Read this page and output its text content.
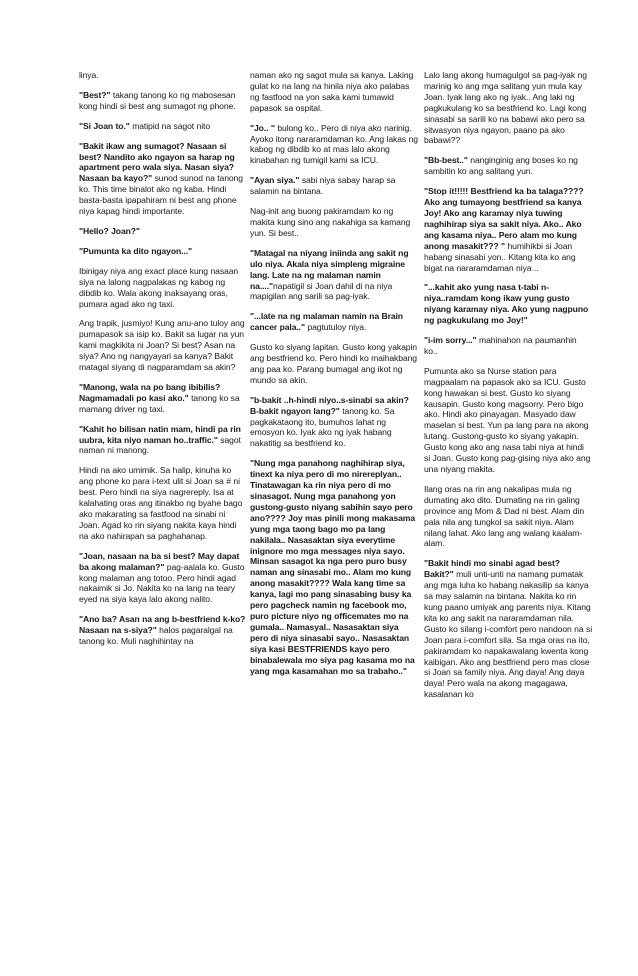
linya.

"Best?" takang tanong ko ng mabosesan kong hindi si best ang sumagot ng phone.

"Si Joan to." matipid na sagot nito

"Bakit ikaw ang sumagot? Nasaan si best? Nandito ako ngayon sa harap ng apartment pero wala siya. Nasan siya? Nasaan ba kayo?" sunod sunod na tanong ko. This time binalot ako ng kaba. Hindi basta-basta ipapahiram ni best ang phone niya kapag hindi importante.

"Hello? Joan?"

"Pumunta ka dito ngayon..."

Ibinigay niya ang exact place kung nasaan siya na lalong nagpalakas ng kabog ng dibdib ko. Wala akong inaksayang oras, pumara agad ako ng taxi.

Ang trapik, jusmiyo! Kung anu-ano tuloy ang pumapasok sa isip ko. Bakit sa lugar na yun kami magkikita ni Joan? Si best? Asan na siya? Ano ng nangyayari sa kanya? Bakit matagal siyang di nagparamdam sa akin?

"Manong, wala na po bang ibibilis? Nagmamadali po kasi ako." tanong ko sa mamang driver ng taxi.

"Kahit ho bilisan natin mam, hindi pa rin uubra, kita niyo naman ho..traffic." sagot naman ni manong.

Hindi na ako umimik. Sa halip, kinuha ko ang phone ko para i-text ulit si Joan sa # ni best. Pero hindi na siya nagrereply. Isa at kalahating oras ang itinakbo ng byahe bago ako makarating sa fastfood na sinabi ni Joan. Agad ko rin siyang nakita kaya hindi na ako nahirapan sa paghahanap.

"Joan, nasaan na ba si best? May dapat ba akong malaman?" pag-aalala ko. Gusto kong malaman ang totoo. Pero hindi agad nakaimik si Jo. Nakita ko na lang na teary eyed na siya kaya lalo akong nalito.

"Ano ba? Asan na ang b-bestfriend k-ko? Nasaan na s-siya?" halos pagaralgal na tanong ko. Muli naghihintay na

naman ako ng sagot mula sa kanya. Laking gulat ko na lang na hinila niya ako palabas ng fastfood na yon saka kami tumawid papasok sa ospital.

"Jo.. " bulong ko.. Pero di niya ako narinig. Ayoko itong nararamdaman ko. Ang lakas ng kabog ng dibdib ko at mas lalo akong kinabahan ng tumigil kami sa ICU.

"Ayan siya." sabi niya sabay harap sa salamin na bintana.

Nag-init ang buong pakiramdam ko ng makita kung sino ang nakahiga sa kamang yun. Si best..

"Matagal na niyang iniinda ang sakit ng ulo niya. Akala niya simpleng migraine lang. Late na ng malaman namin na...."napatigil si Joan dahil di na niya mapigilan ang sarili sa pag-iyak.

"...late na ng malaman namin na Brain cancer pala.." pagtutuloy niya.

Gusto ko siyang lapitan. Gusto kong yakapin ang bestfriend ko. Pero hindi ko maihakbang ang paa ko. Parang bumagal ang ikot ng mundo sa akin.

"b-bakit ..h-hindi niyo..s-sinabi sa akin? B-bakit ngayon lang?" tanong ko. Sa pagkakataong ito, bumuhos lahat ng emosyon ko. Iyak ako ng iyak habang nakatitig sa bestfriend ko.

"Nung mga panahong naghihirap siya, tinext ka niya pero di mo nirereplyan.. Tinatawagan ka rin niya pero di mo sinasagot. Nung mga panahong yon gustong-gusto niyang sabihin sayo pero ano???? Joy mas pinili mong makasama yung mga taong bago mo pa lang nakilala.. Nasasaktan siya everytime inignore mo mga messages niya sayo. Minsan sasagot ka nga pero puro busy naman ang sinasabi mo.. Alam mo kung anong masakit???? Wala kang time sa kanya, lagi mo pang sinasabing busy ka pero pagcheck namin ng facebook mo, puro picture niyo ng officemates mo na gumala.. Namasyal.. Nasasaktan siya pero di niya sinasabi sayo.. Nasasaktan siya kasi BESTFRIENDS kayo pero binabalewala mo siya pag kasama mo na yang mga kasamahan mo sa trabaho.."

Lalo lang akong humagulgol sa pag-iyak ng marinig ko ang mga salitang yun mula kay Joan. Iyak lang ako ng iyak.. Ang laki ng pagkukulang ko sa bestfriend ko. Lagi kong sinasabi sa sarili ko na babawi ako pero sa sitwasyon niya ngayon, paano pa ako babawi??

"Bb-best.." nanginginig ang boses ko ng sambitin ko ang salitang yun.

"Stop it!!!!! Bestfriend ka ba talaga???? Ako ang tumayong bestfriend sa kanya Joy! Ako ang karamay niya tuwing naghihirap siya sa sakit niya. Ako.. Ako ang kasama niya.. Pero alam mo kung anong masakit??? " humihikbi si Joan habang sinasabi yon.. Kitang kita ko ang bigat na nararamdaman niya ..

"...kahit ako yung nasa t-tabi n-niya..ramdam kong ikaw yung gusto niyang karamay niya. Ako yung nagpuno ng pagkukulang mo Joy!"

"i-im sorry..." mahinahon na paumanhin ko..

Pumunta ako sa Nurse station para magpaalam na papasok ako sa ICU. Gusto kong hawakan si best. Gusto ko siyang kausapin. Gusto kong magsorry. Pero bigo ako. Hindi ako pinayagan. Masyado daw maselan si best. Yun pa lang para na akong lutang. Gustong-gusto ko siyang yakapin. Gusto kong ako ang nasa tabi niya at hindi si Joan. Gusto kong pag-gising niya ako ang una niyang makita.

Ilang oras na rin ang nakalipas mula ng dumating ako dito. Dumating na rin galing province ang Mom & Dad ni best. Alam din pala nila ang tungkol sa sakit niya. Alam nilang lahat. Ako lang ang walang kaalam-alam.

"Bakit hindi mo sinabi agad best? Bakit?" muli unti-unti na namang pumatak ang mga luha ko habang nakasilip sa kanya sa may salamin na bintana. Nakita ko rin kung paano umiyak ang parents niya. Kitang kita ko ang sakit na nararamdaman nila. Gusto ko silang i-comfort pero nandoon na si Joan para i-comfort sila. Sa mga oras na ito, pakiramdam ko napakawalang kwenta kong kaibigan. Ako ang bestfriend pero mas close si Joan sa family niya. Ang daya! Ang daya daya! Pero wala na akong magagawa, kasalanan ko
